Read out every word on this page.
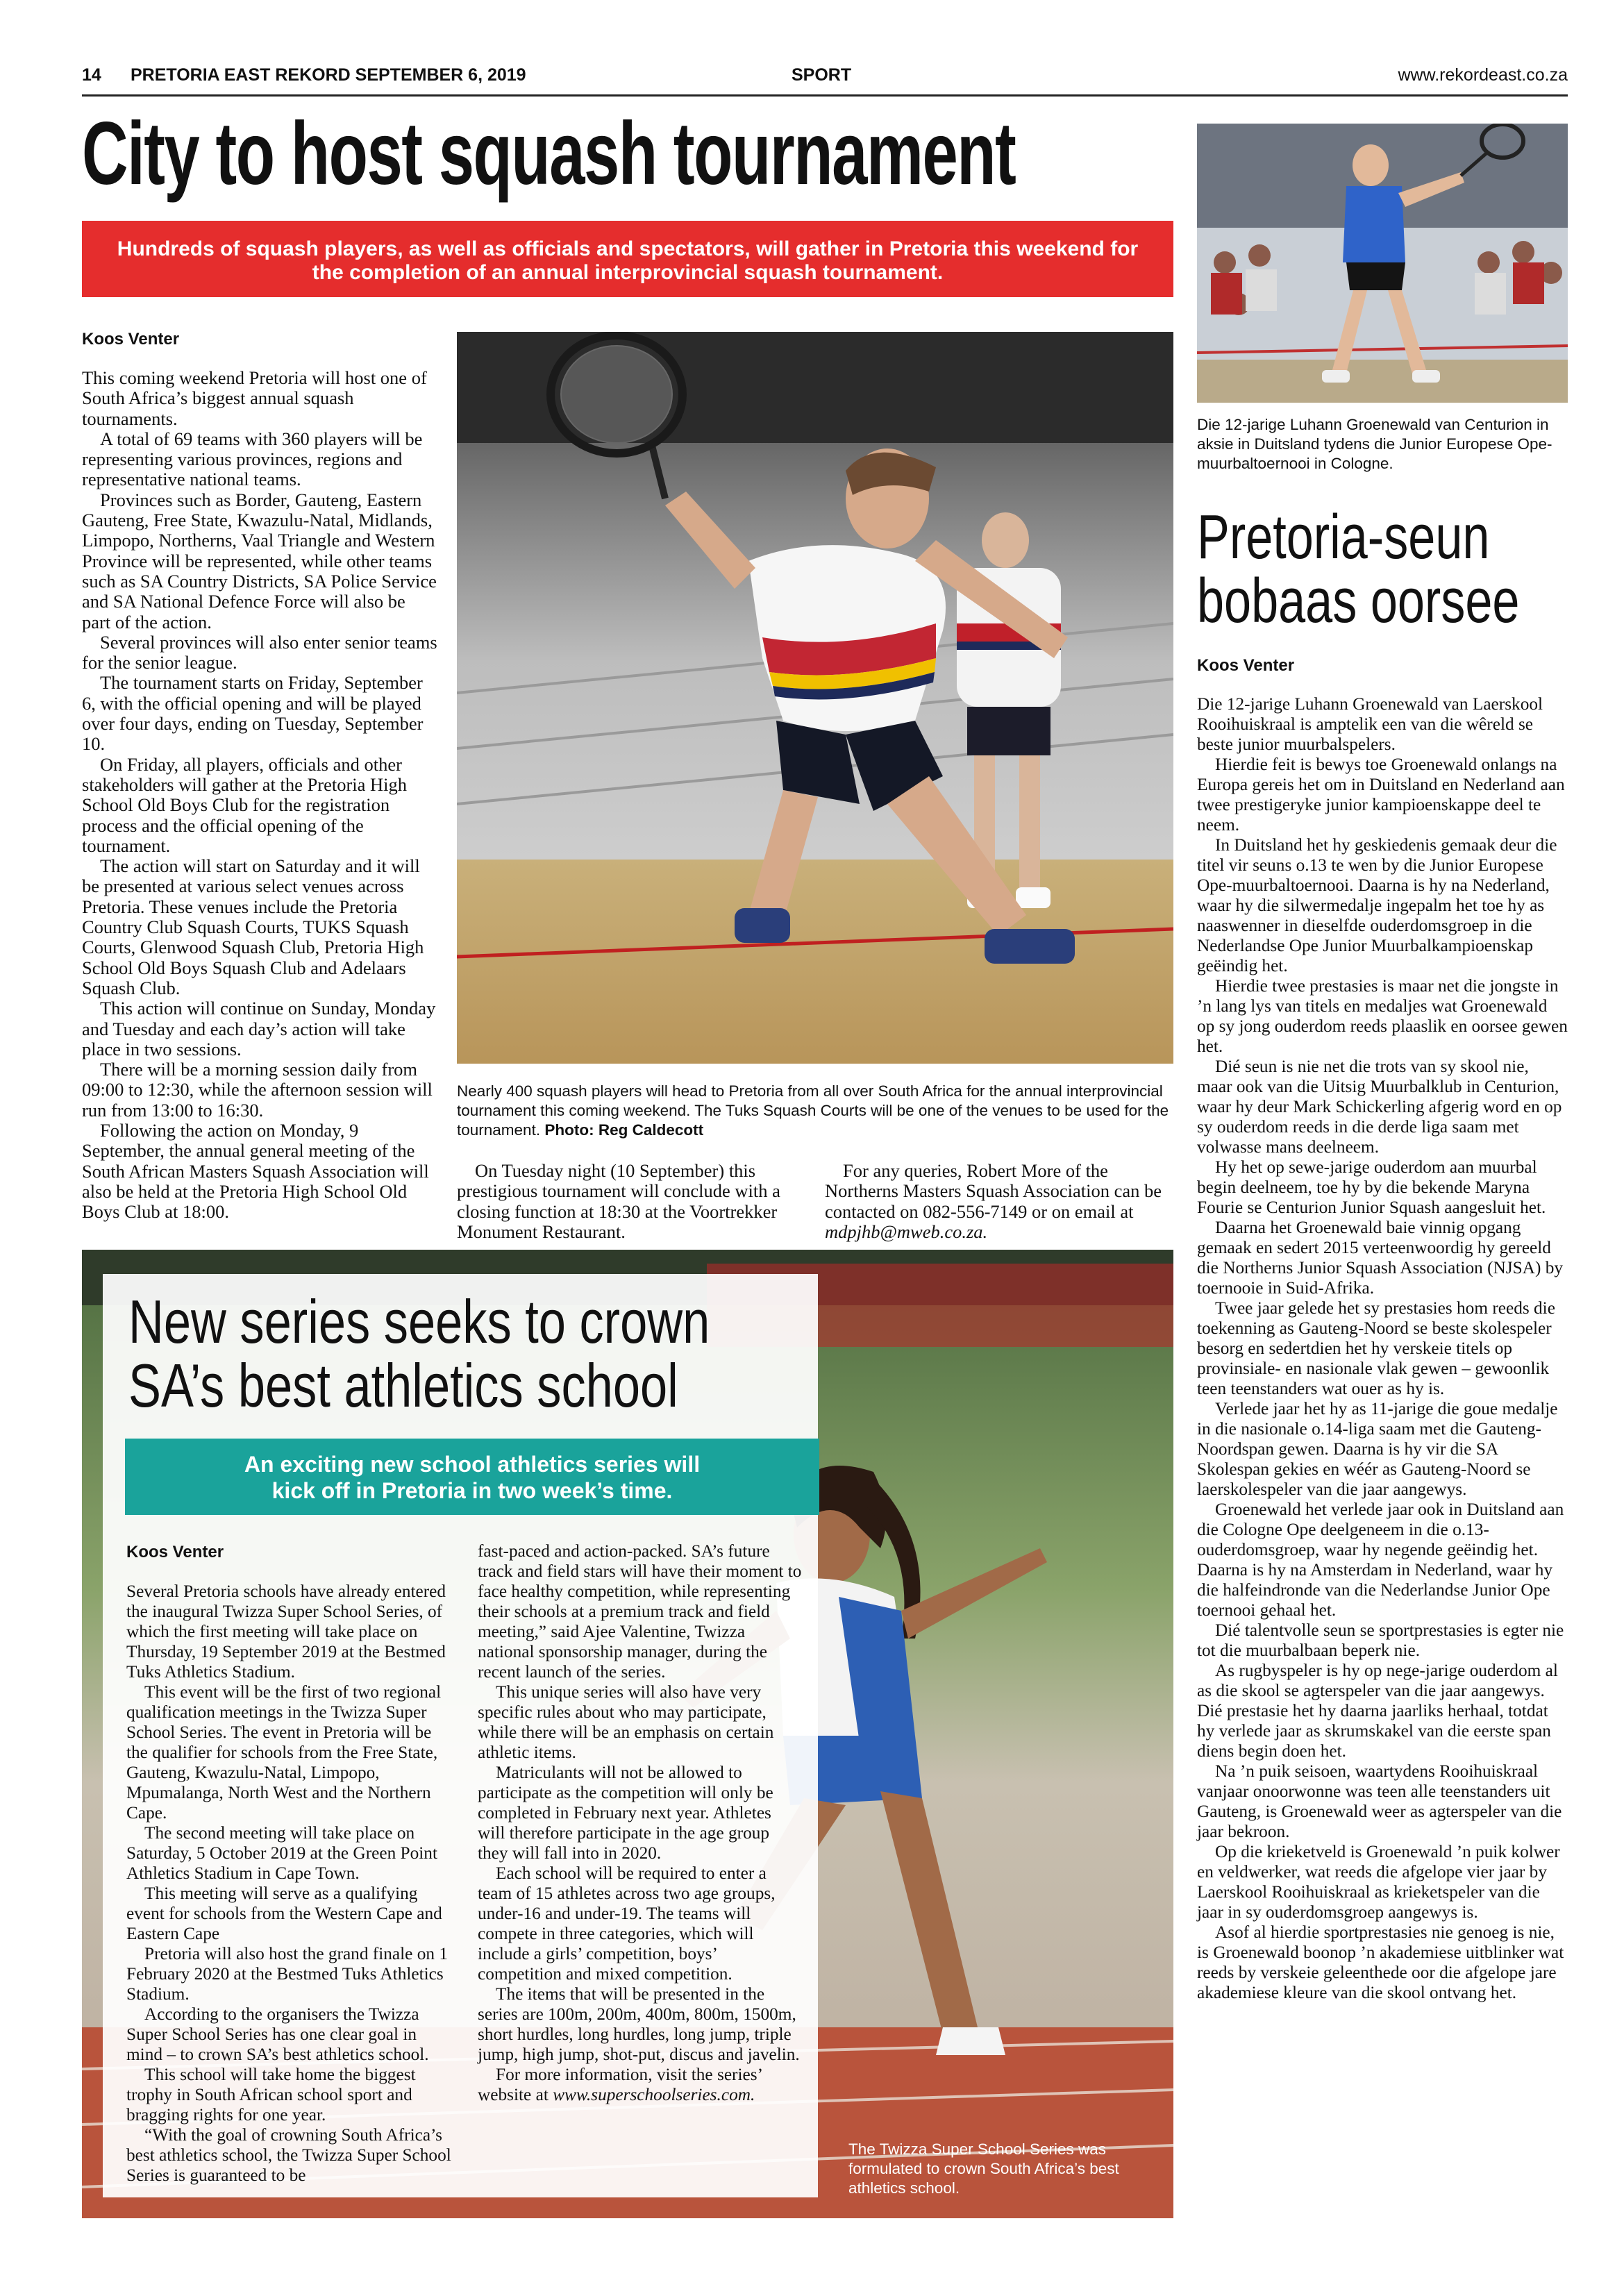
14 PRETORIA EAST REKORD SEPTEMBER 6, 2019	SPORT	www.rekordeast.co.za
City to host squash tournament
Hundreds of squash players, as well as officials and spectators, will gather in Pretoria this weekend for the completion of an annual interprovincial squash tournament.
Koos Venter

This coming weekend Pretoria will host one of South Africa’s biggest annual squash tournaments.

A total of 69 teams with 360 players will be representing various provinces, regions and representative national teams.

Provinces such as Border, Gauteng, Eastern Gauteng, Free State, Kwazulu-Natal, Midlands, Limpopo, Northerns, Vaal Triangle and Western Province will be represented, while other teams such as SA Country Districts, SA Police Service and SA National Defence Force will also be part of the action.

Several provinces will also enter senior teams for the senior league.

The tournament starts on Friday, September 6, with the official opening and will be played over four days, ending on Tuesday, September 10.

On Friday, all players, officials and other stakeholders will gather at the Pretoria High School Old Boys Club for the registration process and the official opening of the tournament.

The action will start on Saturday and it will be presented at various select venues across Pretoria. These venues include the Pretoria Country Club Squash Courts, TUKS Squash Courts, Glenwood Squash Club, Pretoria High School Old Boys Squash Club and Adelaars Squash Club.

This action will continue on Sunday, Monday and Tuesday and each day’s action will take place in two sessions.

There will be a morning session daily from 09:00 to 12:30, while the afternoon session will run from 13:00 to 16:30.

Following the action on Monday, 9 September, the annual general meeting of the South African Masters Squash Association will also be held at the Pretoria High School Old Boys Club at 18:00.

Nearly 400 squash players will head to Pretoria from all over South Africa for the annual interprovincial tournament this coming weekend. The Tuks Squash Courts will be one of the venues to be used for the tournament. Photo: Reg Caldecott

On Tuesday night (10 September) this prestigious tournament will conclude with a closing function at 18:30 at the Voortrekker Monument Restaurant.

For any queries, Robert More of the Northerns Masters Squash Association can be contacted on 082-556-7149 or on email at mdpjhb@mweb.co.za.

Die 12-jarige Luhann Groenewald van Centurion in aksie in Duitsland tydens die Junior Europese Ope-muurbaltoernooi in Cologne.
Pretoria-seun
bobaas oorsee
Koos Venter

Die 12-jarige Luhann Groenewald van Laerskool Rooihuiskraal is amptelik een van die wêreld se beste junior muurbalspelers.

Hierdie feit is bewys toe Groenewald onlangs na Europa gereis het om in Duitsland en Nederland aan twee prestigeryke junior kampioenskappe deel te neem.

In Duitsland het hy geskiedenis gemaak deur die titel vir seuns o.13 te wen by die Junior Europese Ope-muurbaltoernooi. Daarna is hy na Nederland, waar hy die silwermedalje ingepalm het toe hy as naaswenner in dieselfde ouderdomsgroep in die Nederlandse Ope Junior Muurbalkampioenskap geëindig het.

Hierdie twee prestasies is maar net die jongste in ’n lang lys van titels en medaljes wat Groenewald op sy jong ouderdom reeds plaaslik en oorsee gewen het.

Dié seun is nie net die trots van sy skool nie, maar ook van die Uitsig Muurbalklub in Centurion, waar hy deur Mark Schickerling afgerig word en op sy ouderdom reeds in die derde liga saam met volwasse mans deelneem.

Hy het op sewe-jarige ouderdom aan muurbal begin deelneem, toe hy by die bekende Maryna Fourie se Centurion Junior Squash aangesluit het.

Daarna het Groenewald baie vinnig opgang gemaak en sedert 2015 verteenwoordig hy gereeld die Northerns Junior Squash Association (NJSA) by toernooie in Suid-Afrika.

Twee jaar gelede het sy prestasies hom reeds die toekenning as Gauteng-Noord se beste skolespeler besorg en sedertdien het hy verskeie titels op provinsiale- en nasionale vlak gewen – gewoonlik teen teenstanders wat ouer as hy is.

Verlede jaar het hy as 11-jarige die goue medalje in die nasionale o.14-liga saam met die Gauteng-Noordspan gewen. Daarna is hy vir die SA Skolespan gekies en wéér as Gauteng-Noord se laerskolespeler van die jaar aangewys.

Groenewald het verlede jaar ook in Duitsland aan die Cologne Ope deelgeneem in die o.13-ouderdomsgroep, waar hy negende geëindig het. Daarna is hy na Amsterdam in Nederland, waar hy die halfeindronde van die Nederlandse Junior Ope toernooi gehaal het.

Dié talentvolle seun se sportprestasies is egter nie tot die muurbalbaan beperk nie.

As rugbyspeler is hy op nege-jarige ouderdom al as die skool se agterspeler van die jaar aangewys. Dié prestasie het hy daarna jaarliks herhaal, totdat hy verlede jaar as skrumskakel van die eerste span diens begin doen het.

Na ’n puik seisoen, waartydens Rooihuiskraal vanjaar onoorwonne was teen alle teenstanders uit Gauteng, is Groenewald weer as agterspeler van die jaar bekroon.

Op die krieketveld is Groenewald ’n puik kolwer en veldwerker, wat reeds die afgelope vier jaar by Laerskool Rooihuiskraal as krieketspeler van die jaar in sy ouderdomsgroep aangewys is.

Asof al hierdie sportprestasies nie genoeg is nie, is Groenewald boonop ’n akademiese uitblinker wat reeds by verskeie geleenthede oor die afgelope jare akademiese kleure van die skool ontvang het.

New series seeks to crown
SA’s best athletics school
An exciting new school athletics series will
kick off in Pretoria in two week’s time.
Koos Venter

Several Pretoria schools have already entered the inaugural Twizza Super School Series, of which the first meeting will take place on Thursday, 19 September 2019 at the Bestmed Tuks Athletics Stadium.

This event will be the first of two regional qualification meetings in the Twizza Super School Series. The event in Pretoria will be the qualifier for schools from the Free State, Gauteng, Kwazulu-Natal, Limpopo, Mpumalanga, North West and the Northern Cape.

The second meeting will take place on Saturday, 5 October 2019 at the Green Point Athletics Stadium in Cape Town.

This meeting will serve as a qualifying event for schools from the Western Cape and Eastern Cape

Pretoria will also host the grand finale on 1 February 2020 at the Bestmed Tuks Athletics Stadium.

According to the organisers the Twizza Super School Series has one clear goal in mind – to crown SA’s best athletics school.

This school will take home the biggest trophy in South African school sport and bragging rights for one year.

“With the goal of crowning South Africa’s best athletics school, the Twizza Super School Series is guaranteed to be

fast-paced and action-packed. SA’s future track and field stars will have their moment to face healthy competition, while representing their schools at a premium track and field meeting,” said Ajee Valentine, Twizza national sponsorship manager, during the recent launch of the series.

This unique series will also have very specific rules about who may participate, while there will be an emphasis on certain athletic items.

Matriculants will not be allowed to participate as the competition will only be completed in February next year. Athletes will therefore participate in the age group they will fall into in 2020.

Each school will be required to enter a team of 15 athletes across two age groups, under-16 and under-19. The teams will compete in three categories, which will include a girls’ competition, boys’ competition and mixed competition.

The items that will be presented in the series are 100m, 200m, 400m, 800m, 1500m, short hurdles, long hurdles, long jump, triple jump, high jump, shot-put, discus and javelin.

For more information, visit the series’ website at www.superschoolseries.com.

The Twizza Super School Series was formulated to crown South Africa’s best athletics school.
